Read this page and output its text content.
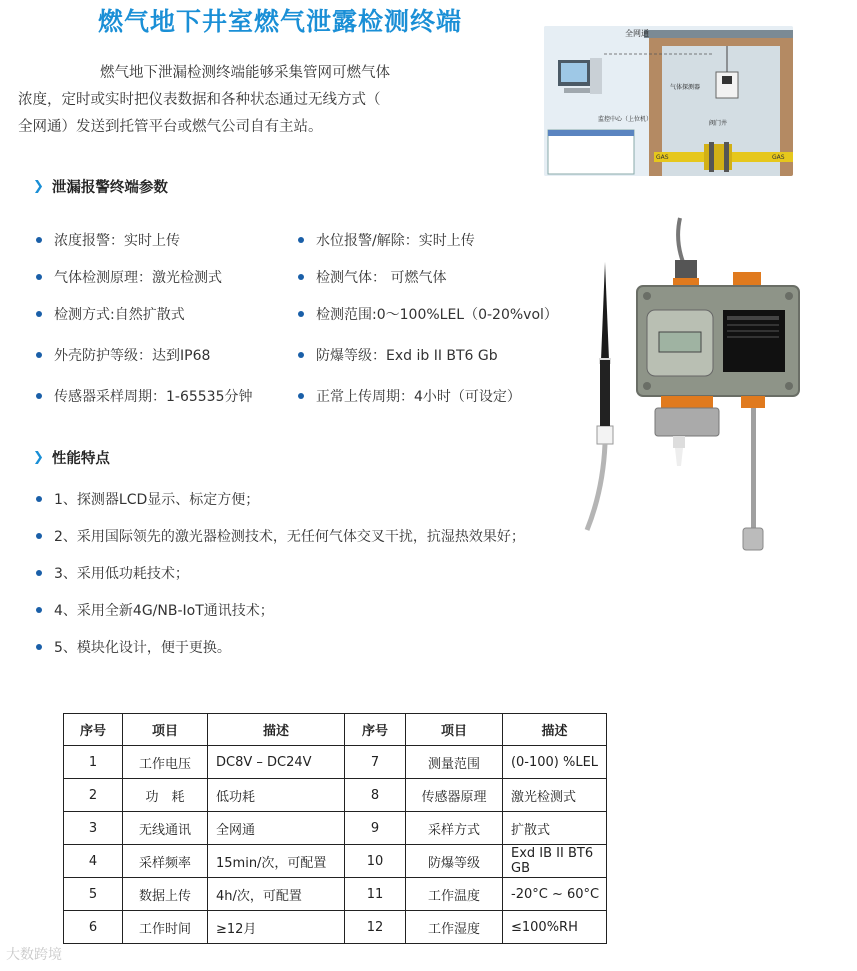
燃气地下井室燃气泄露检测终端
燃气地下泄漏检测终端能够采集管网可燃气体
浓度，定时或实时把仪表数据和各种状态通过无线方式（
全网通）发送到托管平台或燃气公司自有主站。
全网通
监控中心（上位机）
气体探测器
阀门井
GAS	GAS
❯ 泄漏报警终端参数
浓度报警：实时上传
气体检测原理：激光检测式
检测方式:自然扩散式
外壳防护等级：达到IP68
传感器采样周期：1-65535分钟
水位报警/解除：实时上传
检测气体： 可燃气体
检测范围:0～100%LEL（0-20%vol）
防爆等级：Exd ib II BT6 Gb
正常上传周期：4小时（可设定）
❯ 性能特点
1、探测器LCD显示、标定方便；
2、采用国际领先的激光器检测技术，无任何气体交叉干扰，抗湿热效果好；
3、采用低功耗技术；
4、采用全新4G/NB-IoT通讯技术；
5、模块化设计，便于更换。
序号	项目	描述	序号	项目	描述
1	工作电压	DC8V – DC24V	7	测量范围	(0-100) %LEL
2	功　耗	低功耗	8	传感器原理	激光检测式
3	无线通讯	全网通	9	采样方式	扩散式
4	采样频率	15min/次，可配置	10	防爆等级	Exd IB II BT6 GB
5	数据上传	4h/次，可配置	11	工作温度	-20°C ~ 60°C
6	工作时间	≥12月	12	工作湿度	≤100%RH
大数跨境
